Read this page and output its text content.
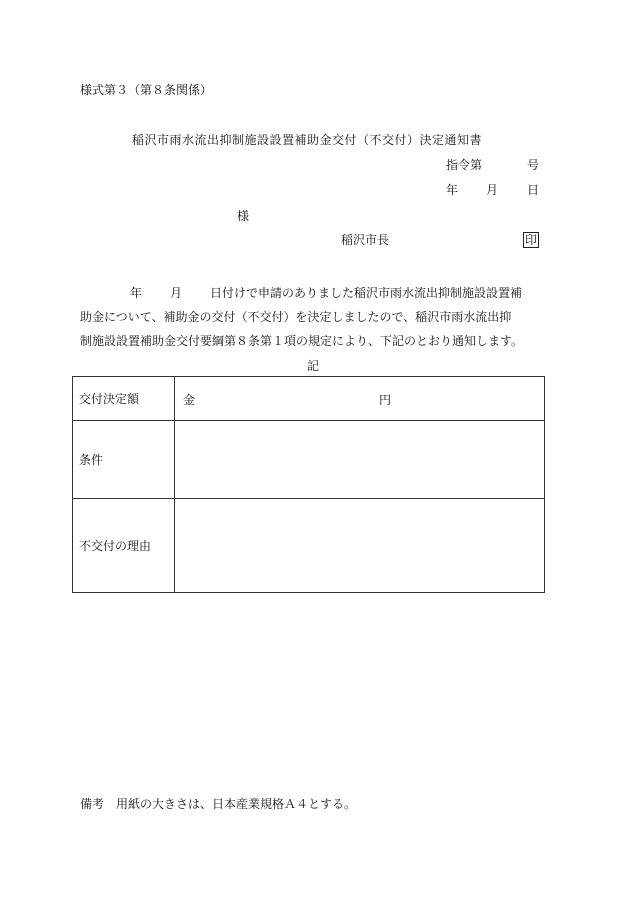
様式第３（第８条関係）
稲沢市雨水流出抑制施設設置補助金交付（不交付）決定通知書
指令第	号
年 月 日
様
稲沢市長	印
年 月 日付けで申請のありました稲沢市雨水流出抑制施設設置補
助金について、補助金の交付（不交付）を決定しましたので、稲沢市雨水流出抑
制施設設置補助金交付要綱第８条第１項の規定により、下記のとおり通知します。
記
交付決定額	金 円

条件	
不交付の理由	
備考 用紙の大きさは、日本産業規格Ａ４とする。
